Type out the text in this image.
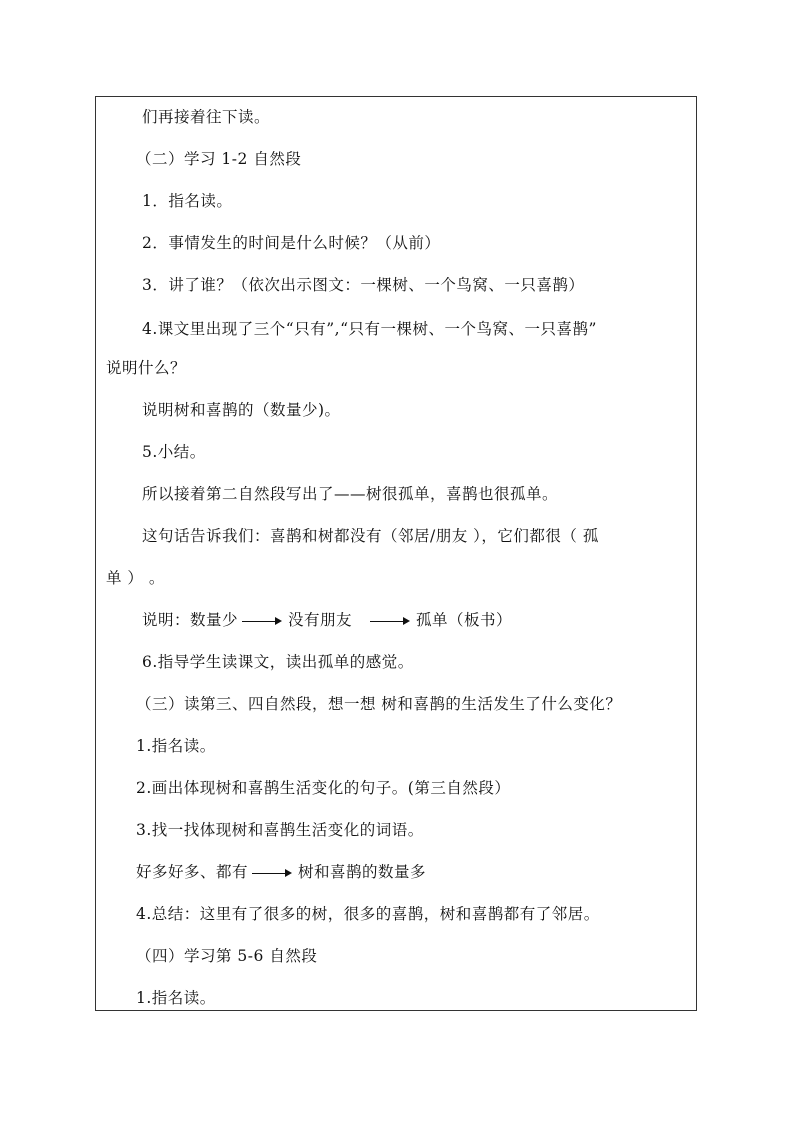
们再接着往下读。
（二）学习 1-2 自然段
1．指名读。
2．事情发生的时间是什么时候？（从前）
3．讲了谁？（依次出示图文：一棵树、一个鸟窝、一只喜鹊）
4.课文里出现了三个“只有”,“只有一棵树、一个鸟窝、一只喜鹊”
说明什么？
说明树和喜鹊的（数量少)。
5.小结。
所以接着第二自然段写出了——树很孤单，喜鹊也很孤单。
这句话告诉我们：喜鹊和树都没有（邻居/朋友 ），它们都很（ 孤
单 ） 。
说明：数量少	没有朋友	孤单（板书）
6.指导学生读课文，读出孤单的感觉。
（三）读第三、四自然段，想一想 树和喜鹊的生活发生了什么变化？
1.指名读。
2.画出体现树和喜鹊生活变化的句子。(第三自然段）
3.找一找体现树和喜鹊生活变化的词语。
好多好多、都有	树和喜鹊的数量多
4.总结：这里有了很多的树，很多的喜鹊，树和喜鹊都有了邻居。
（四）学习第 5-6 自然段
1.指名读。
